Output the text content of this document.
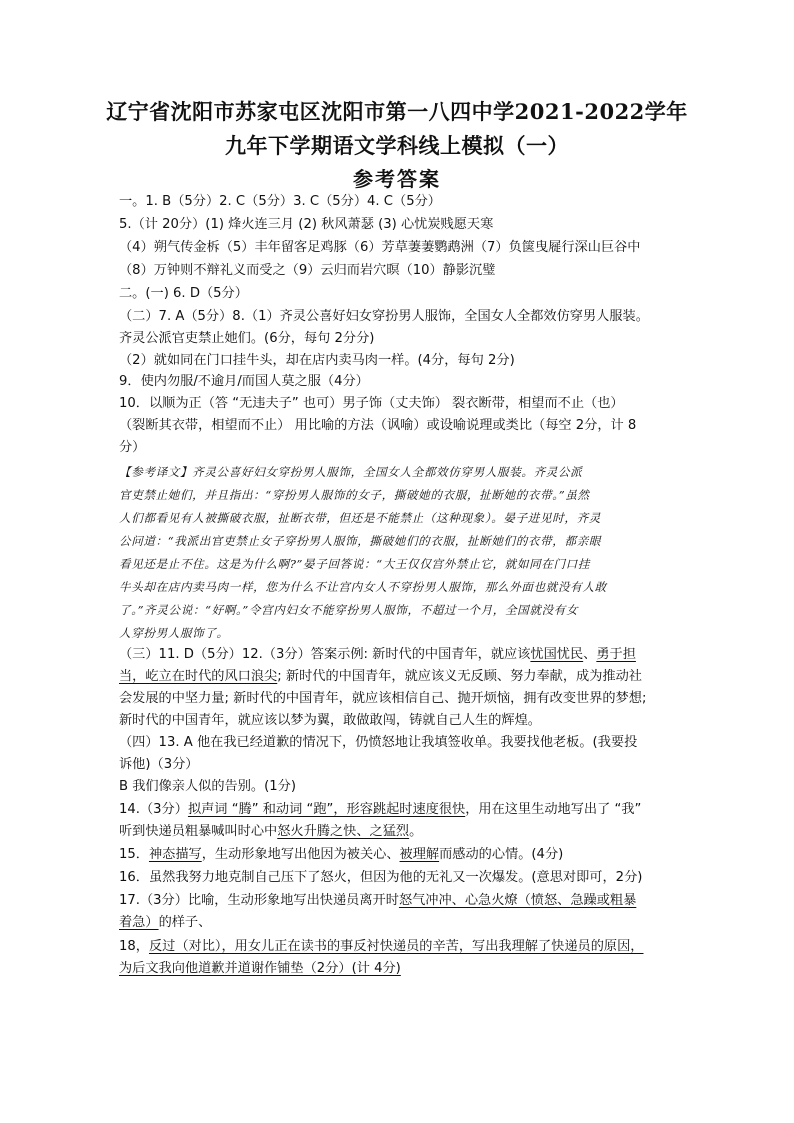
辽宁省沈阳市苏家屯区沈阳市第一八四中学2021-2022学年
九年下学期语文学科线上模拟（一）
参考答案
一。1. B（5分）2. C（5分）3. C（5分）4. C（5分）
5.（计 20分）(1) 烽火连三月 (2) 秋风萧瑟 (3) 心忧炭贱愿天寒
（4）朔气传金柝（5）丰年留客足鸡豚（6）芳草萋萋鹦鹉洲（7）负箧曳屣行深山巨谷中
（8）万钟则不辩礼义而受之（9）云归而岩穴暝（10）静影沉璧
二。(一) 6. D（5分）
（二）7. A（5分）8.（1）齐灵公喜好妇女穿扮男人服饰，全国女人全都效仿穿男人服装。
齐灵公派官吏禁止她们。(6分，每句 2分分)
（2）就如同在门口挂牛头，却在店内卖马肉一样。(4分，每句 2分)
9．使内勿服/不逾月/而国人莫之服（4分）
10．以顺为正（答 “无违夫子” 也可）男子饰（丈夫饰） 裂衣断带，相望而不止（也）
（裂断其衣带，相望而不止） 用比喻的方法（讽喻）或设喻说理或类比（每空 2分，计 8
分）
【参考译文】齐灵公喜好妇女穿扮男人服饰，全国女人全都效仿穿男人服装。齐灵公派
官吏禁止她们，并且指出：“穿扮男人服饰的女子，撕破她的衣服，扯断她的衣带。”虽然
人们都看见有人被撕破衣服，扯断衣带，但还是不能禁止（这种现象）。晏子进见时，齐灵
公问道：“我派出官吏禁止女子穿扮男人服饰，撕破她们的衣服，扯断她们的衣带，都亲眼
看见还是止不住。这是为什么啊?”晏子回答说：“大王仅仅宫外禁止它，就如同在门口挂
牛头却在店内卖马肉一样，您为什么不让宫内女人不穿扮男人服饰，那么外面也就没有人敢
了。”齐灵公说：“好啊。”令宫内妇女不能穿扮男人服饰，不超过一个月，全国就没有女
人穿扮男人服饰了。
（三）11. D（5分）12.（3分）答案示例: 新时代的中国青年，就应该忧国忧民、勇于担
当，屹立在时代的风口浪尖; 新时代的中国青年，就应该义无反顾、努力奉献，成为推动社
会发展的中坚力量; 新时代的中国青年，就应该相信自己、抛开烦恼，拥有改变世界的梦想;
新时代的中国青年，就应该以梦为翼，敢做敢闯，铸就自己人生的辉煌。
（四）13. A 他在我已经道歉的情况下，仍愤怒地让我填签收单。我要找他老板。(我要投
诉他)（3分）
B 我们像亲人似的告别。(1分)
14.（3分）拟声词 “腾” 和动词 “跑”，形容跳起时速度很快，用在这里生动地写出了 “我”
听到快递员粗暴喊叫时心中怒火升腾之快、之猛烈。
15．神态描写，生动形象地写出他因为被关心、被理解而感动的心情。(4分)
16．虽然我努力地克制自己压下了怒火，但因为他的无礼又一次爆发。(意思对即可，2分)
17.（3分）比喻，生动形象地写出快递员离开时怒气冲冲、心急火燎（愤怒、急躁或粗暴
着急）的样子、
18，反过（对比），用女儿正在读书的事反衬快递员的辛苦，写出我理解了快递员的原因，
为后文我向他道歉并道谢作铺垫（2分）(计 4分)
